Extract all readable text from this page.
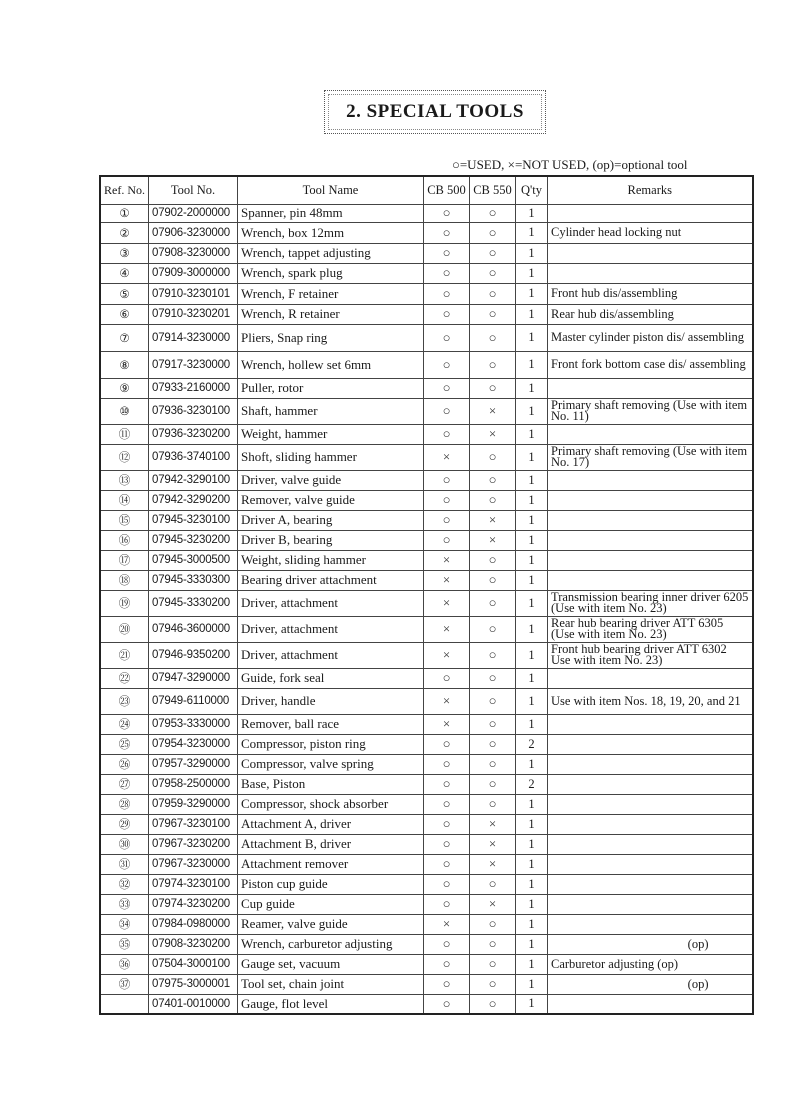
2. SPECIAL TOOLS
○=USED, ×=NOT USED, (op)=optional tool
Ref. No.	Tool No.	Tool Name	CB 500	CB 550	Q'ty	Remarks
①	07902-2000000	Spanner, pin 48mm	○	○	1	
②	07906-3230000	Wrench, box 12mm	○	○	1	Cylinder head locking nut
③	07908-3230000	Wrench, tappet adjusting	○	○	1	
④	07909-3000000	Wrench, spark plug	○	○	1	
⑤	07910-3230101	Wrench, F retainer	○	○	1	Front hub dis/assembling
⑥	07910-3230201	Wrench, R retainer	○	○	1	Rear hub dis/assembling
⑦	07914-3230000	Pliers, Snap ring	○	○	1	Master cylinder piston dis/ assembling
⑧	07917-3230000	Wrench, hollew set 6mm	○	○	1	Front fork bottom case dis/ assembling
⑨	07933-2160000	Puller, rotor	○	○	1	
⑩	07936-3230100	Shaft, hammer	○	×	1	Primary shaft removing (Use with item No. 11)
⑪	07936-3230200	Weight, hammer	○	×	1	
⑫	07936-3740100	Shoft, sliding hammer	×	○	1	Primary shaft removing (Use with item No. 17)
⑬	07942-3290100	Driver, valve guide	○	○	1	
⑭	07942-3290200	Remover, valve guide	○	○	1	
⑮	07945-3230100	Driver A, bearing	○	×	1	
⑯	07945-3230200	Driver B, bearing	○	×	1	
⑰	07945-3000500	Weight, sliding hammer	×	○	1	
⑱	07945-3330300	Bearing driver attachment	×	○	1	
⑲	07945-3330200	Driver, attachment	×	○	1	Transmission bearing inner driver 6205 (Use with item No. 23)
⑳	07946-3600000	Driver, attachment	×	○	1	Rear hub bearing driver ATT 6305 (Use with item No. 23)
㉑	07946-9350200	Driver, attachment	×	○	1	Front hub bearing driver ATT 6302 Use with item No. 23)
㉒	07947-3290000	Guide, fork seal	○	○	1	
㉓	07949-6110000	Driver, handle	×	○	1	Use with item Nos. 18, 19, 20, and 21
㉔	07953-3330000	Remover, ball race	×	○	1	
㉕	07954-3230000	Compressor, piston ring	○	○	2	
㉖	07957-3290000	Compressor, valve spring	○	○	1	
㉗	07958-2500000	Base, Piston	○	○	2	
㉘	07959-3290000	Compressor, shock absorber	○	○	1	
㉙	07967-3230100	Attachment A, driver	○	×	1	
㉚	07967-3230200	Attachment B, driver	○	×	1	
㉛	07967-3230000	Attachment remover	○	×	1	
㉜	07974-3230100	Piston cup guide	○	○	1	
㉝	07974-3230200	Cup guide	○	×	1	
㉞	07984-0980000	Reamer, valve guide	×	○	1	
㉟	07908-3230200	Wrench, carburetor adjusting	○	○	1	(op)

㊱	07504-3000100	Gauge set, vacuum	○	○	1	Carburetor adjusting (op)
㊲	07975-3000001	Tool set, chain joint	○	○	1	(op)

	07401-0010000	Gauge, flot level	○	○	1	
